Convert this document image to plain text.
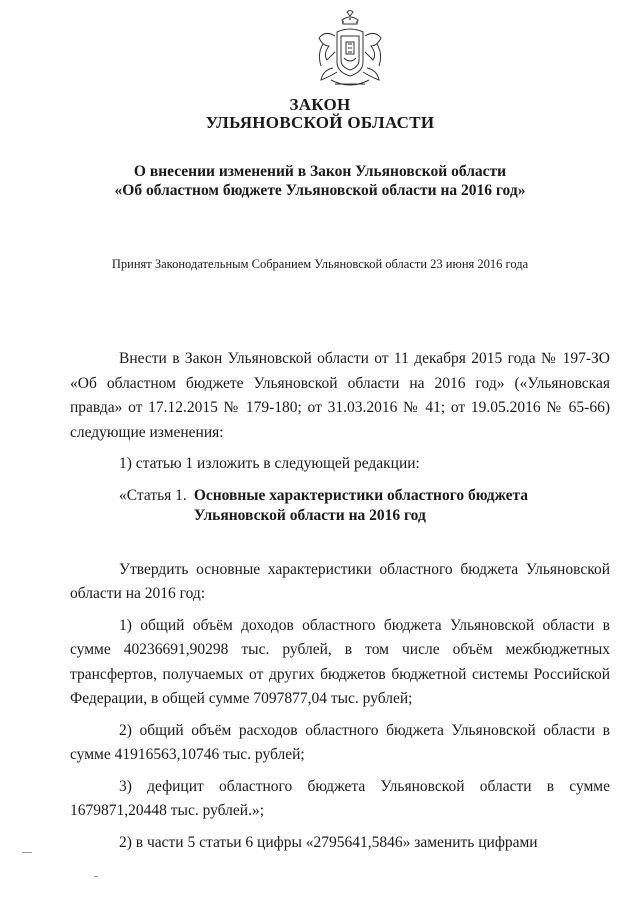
ЗАКОН
УЛЬЯНОВСКОЙ ОБЛАСТИ
О внесении изменений в Закон Ульяновской области
«Об областном бюджете Ульяновской области на 2016 год»
Принят Законодательным Собранием Ульяновской области 23 июня 2016 года

Внести в Закон Ульяновской области от 11 декабря 2015 года № 197-ЗО «Об областном бюджете Ульяновской области на 2016 год» («Ульяновская правда» от 17.12.2015 № 179-180; от 31.03.2016 № 41; от 19.05.2016 № 65-66) следующие изменения:

1) статью 1 изложить в следующей редакции:

«Статья 1. Основные характеристики областного бюджета Ульяновской области на 2016 год

Утвердить основные характеристики областного бюджета Ульяновской области на 2016 год:

1) общий объём доходов областного бюджета Ульяновской области в сумме 40236691,90298 тыс. рублей, в том числе объём межбюджетных трансфертов, получаемых от других бюджетов бюджетной системы Российской Федерации, в общей сумме 7097877,04 тыс. рублей;

2) общий объём расходов областного бюджета Ульяновской области в сумме 41916563,10746 тыс. рублей;

3) дефицит областного бюджета Ульяновской области в сумме 1679871,20448 тыс. рублей.»;

2) в части 5 статьи 6 цифры «2795641,5846» заменить цифрами
